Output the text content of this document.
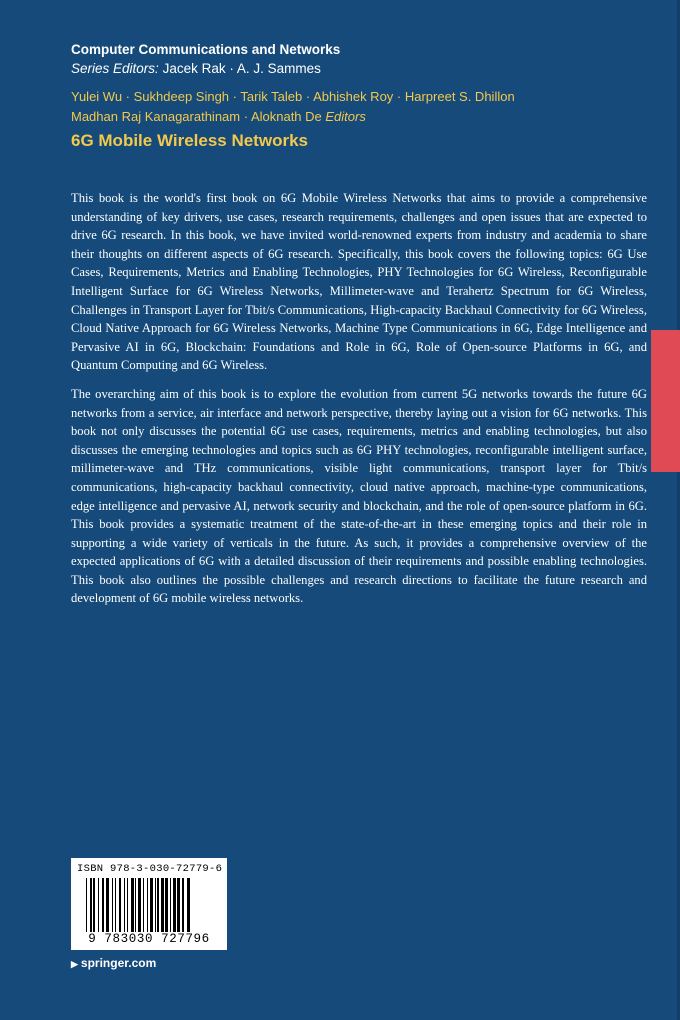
Computer Communications and Networks
Series Editors: Jacek Rak · A. J. Sammes
Yulei Wu · Sukhdeep Singh · Tarik Taleb · Abhishek Roy · Harpreet S. Dhillon
Madhan Raj Kanagarathinam · Aloknath De Editors
6G Mobile Wireless Networks

This book is the world's first book on 6G Mobile Wireless Networks that aims to provide a comprehensive understanding of key drivers, use cases, research requirements, challenges and open issues that are expected to drive 6G research. In this book, we have invited world-renowned experts from industry and academia to share their thoughts on different aspects of 6G research. Specifically, this book covers the following topics: 6G Use Cases, Requirements, Metrics and Enabling Technologies, PHY Technologies for 6G Wireless, Reconfigurable Intelligent Surface for 6G Wireless Networks, Millimeter-wave and Terahertz Spectrum for 6G Wireless, Challenges in Transport Layer for Tbit/s Communications, High-capacity Backhaul Connectivity for 6G Wireless, Cloud Native Approach for 6G Wireless Networks, Machine Type Communications in 6G, Edge Intelligence and Pervasive AI in 6G, Blockchain: Foundations and Role in 6G, Role of Open-source Platforms in 6G, and Quantum Computing and 6G Wireless.

The overarching aim of this book is to explore the evolution from current 5G networks towards the future 6G networks from a service, air interface and network perspective, thereby laying out a vision for 6G networks. This book not only discusses the potential 6G use cases, requirements, metrics and enabling technologies, but also discusses the emerging technologies and topics such as 6G PHY technologies, reconfigurable intelligent surface, millimeter-wave and THz communications, visible light communications, transport layer for Tbit/s communications, high-capacity backhaul connectivity, cloud native approach, machine-type communications, edge intelligence and pervasive AI, network security and blockchain, and the role of open-source platform in 6G. This book provides a systematic treatment of the state-of-the-art in these emerging topics and their role in supporting a wide variety of verticals in the future. As such, it provides a comprehensive overview of the expected applications of 6G with a detailed discussion of their requirements and possible enabling technologies. This book also outlines the possible challenges and research directions to facilitate the future research and development of 6G mobile wireless networks.

ISBN 978-3-030-72779-6
9 783030 727796
▶ springer.com
